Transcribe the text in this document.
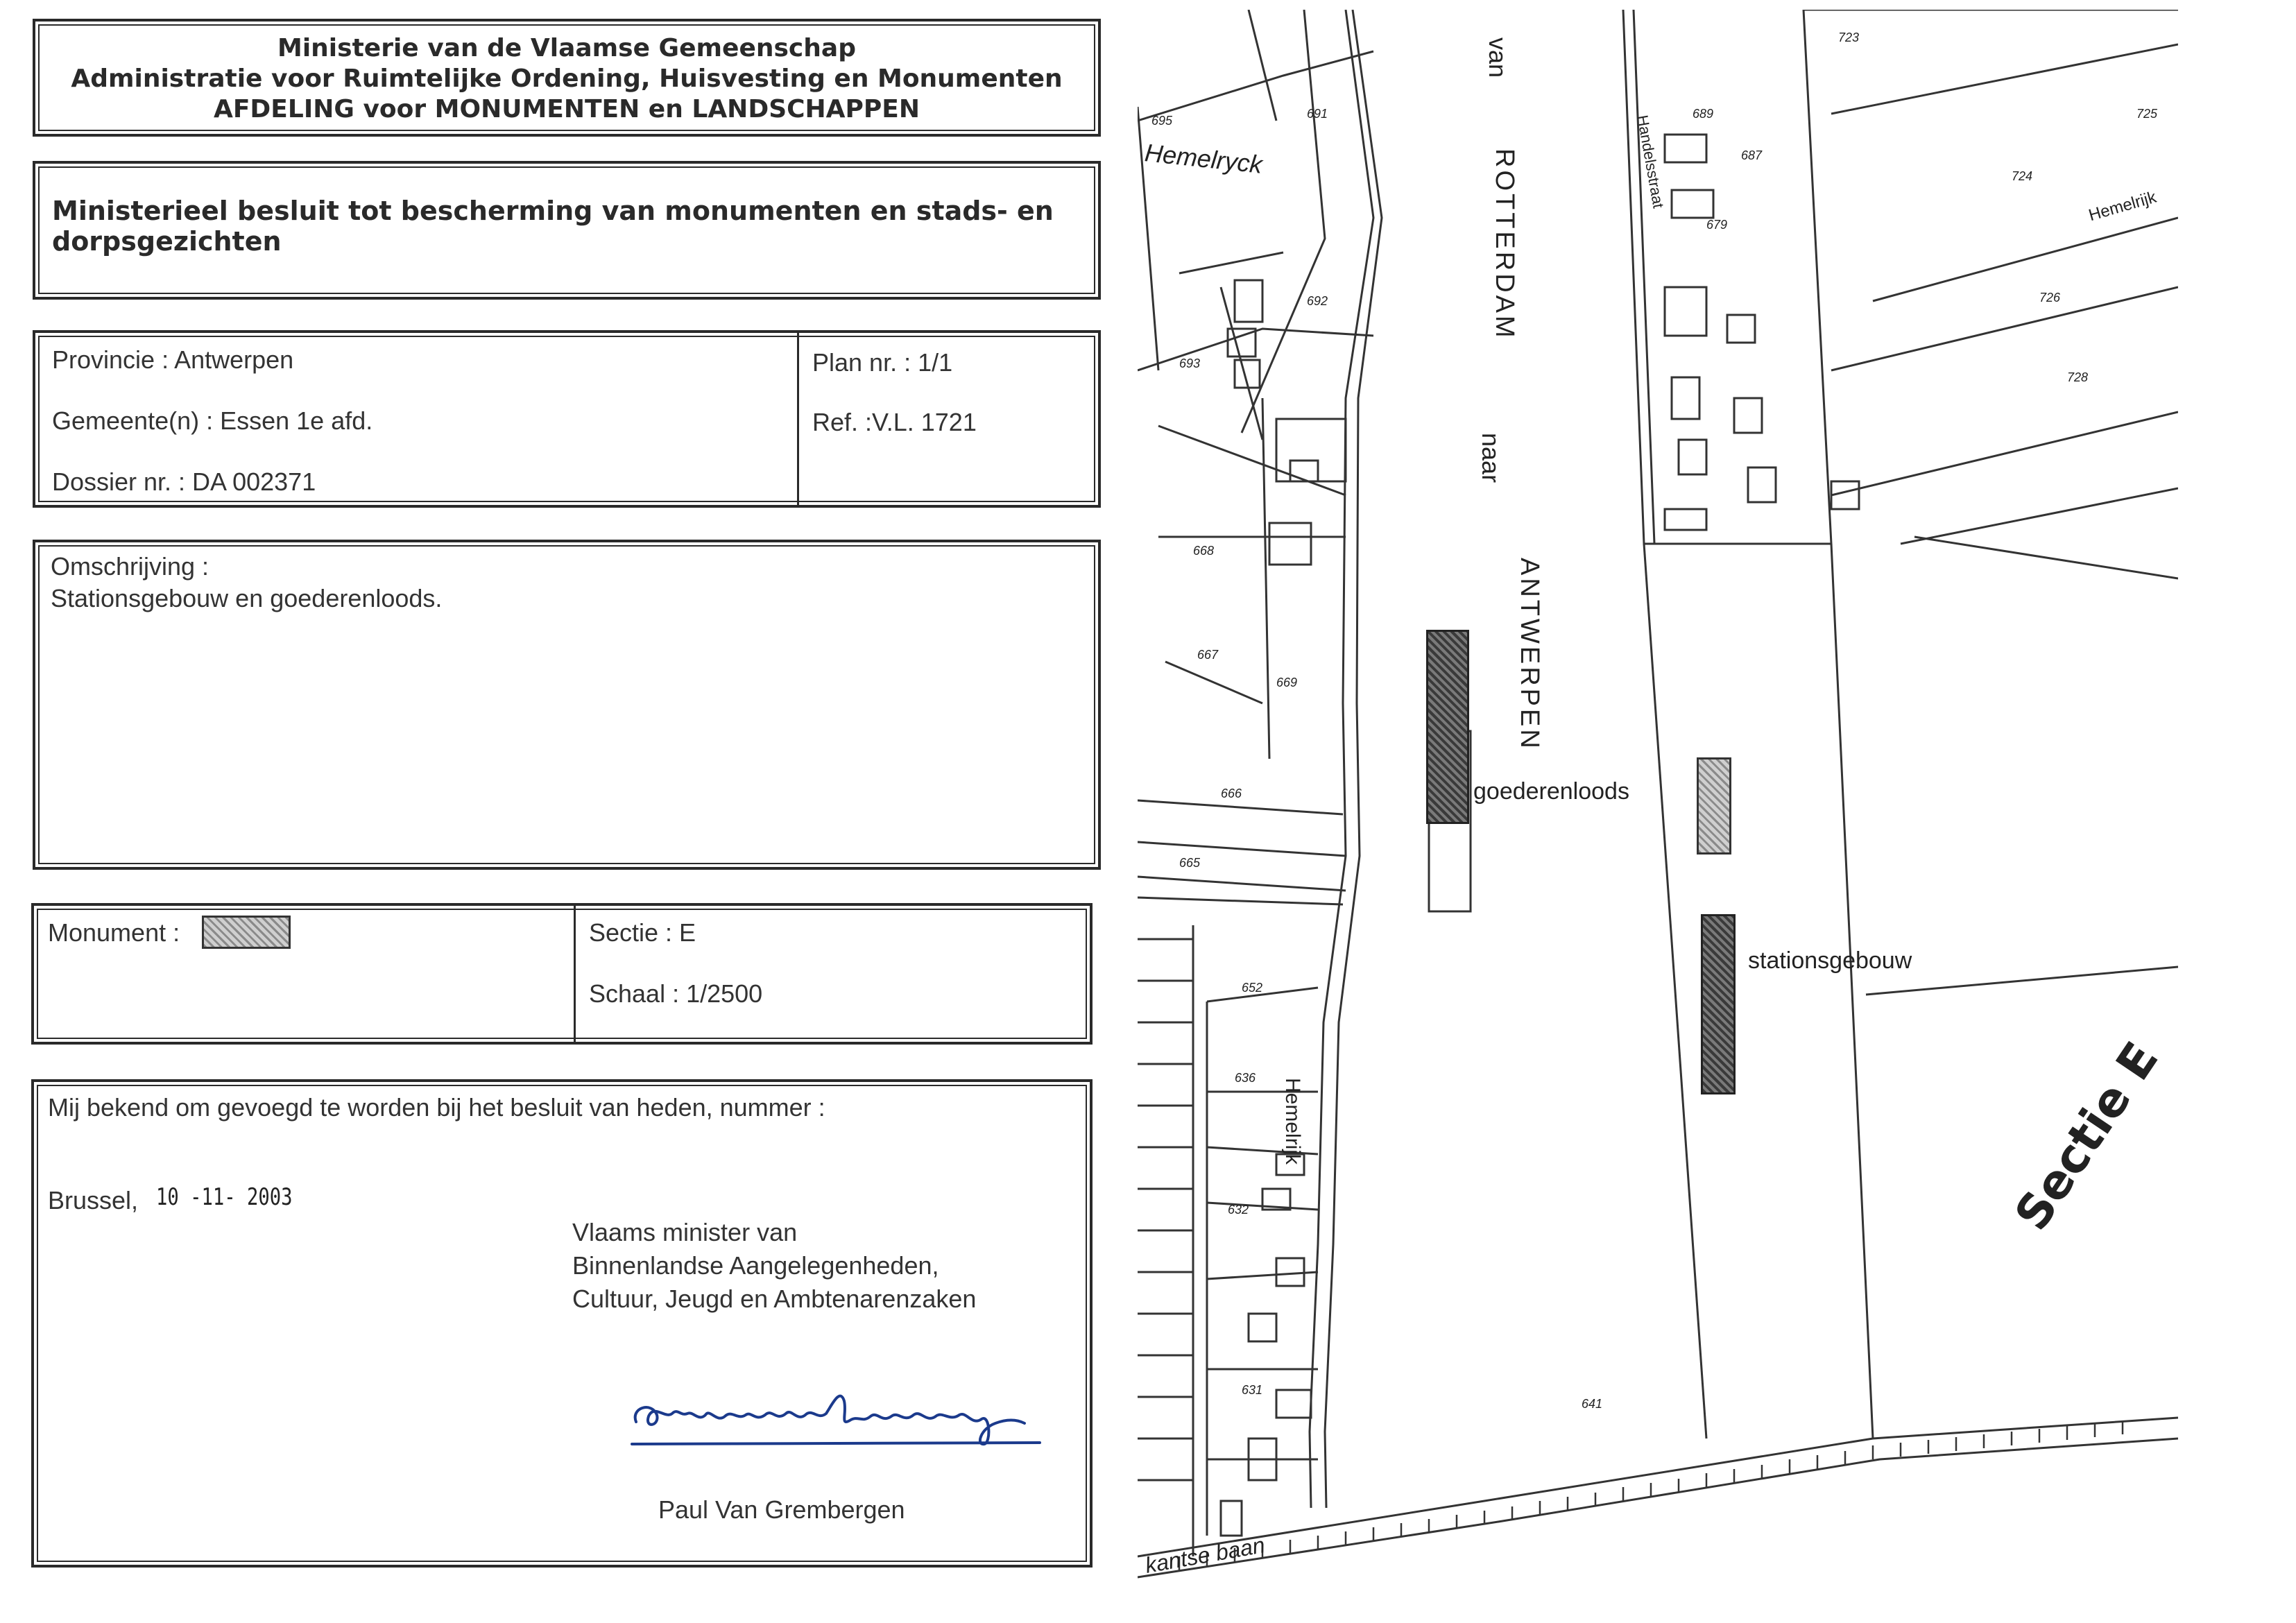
Ministerie van de Vlaamse Gemeenschap
Administratie voor Ruimtelijke Ordening, Huisvesting en Monumenten
AFDELING voor MONUMENTEN en LANDSCHAPPEN
Ministerieel besluit tot bescherming van monumenten en stads- en
dorpsgezichten
Provincie : Antwerpen
Gemeente(n) : Essen 1e afd.
Dossier nr. : DA 002371
Plan nr. : 1/1
Ref. :V.L. 1721
Omschrijving :
Stationsgebouw en goederenloods.
Monument :	Sectie : E
Schaal : 1/2500
Mij bekend om gevoegd te worden bij het besluit van heden, nummer :
Brussel, 10 -11- 2003
Vlaams minister van
Binnenlandse Aangelegenheden,
Cultuur, Jeugd en Ambtenarenzaken
Paul Van Grembergen
Hemelryck
Hemelrijk
Hemelrijk
Handelsstraat
kantse baan
van
ROTTERDAM
naar
ANTWERPEN
goederenloods
stationsgebouw
Sectie E
695	691
692
693
669
668
667
666
665
652
636
632
631
689
687
679
723
724
725
726
728
641
